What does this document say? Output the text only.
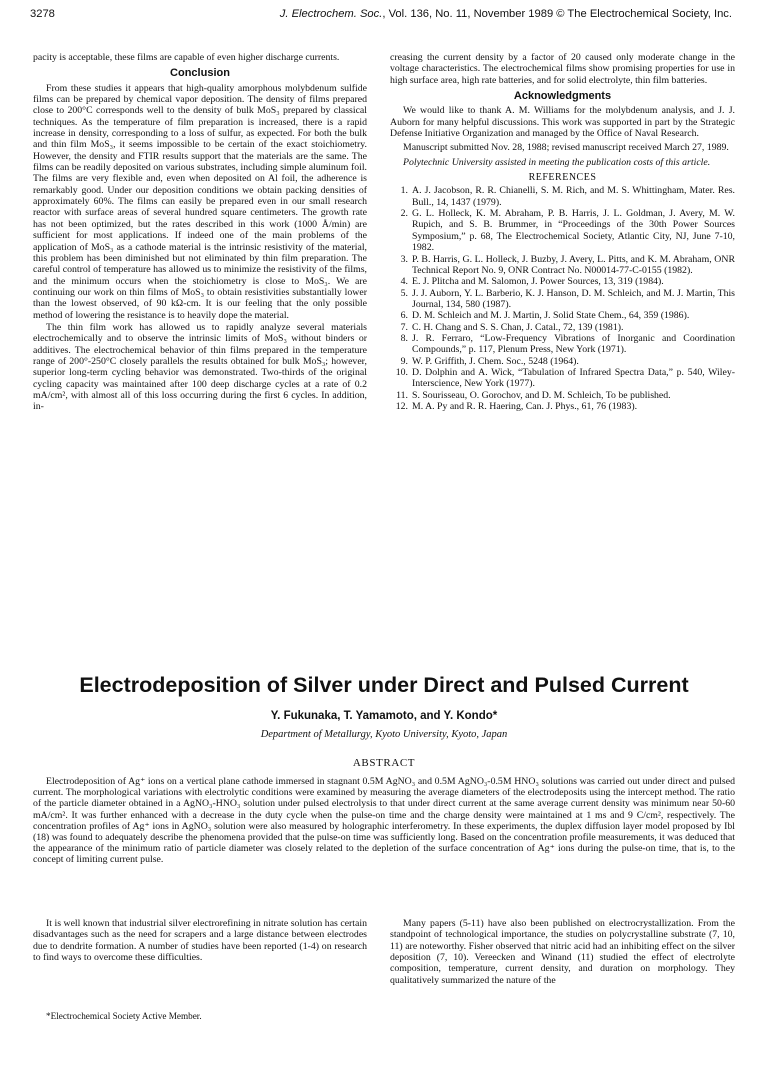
3278	J. Electrochem. Soc., Vol. 136, No. 11, November 1989 © The Electrochemical Society, Inc.

pacity is acceptable, these films are capable of even higher discharge currents.

Conclusion

From these studies it appears that high-quality amorphous molybdenum sulfide films can be prepared by chemical vapor deposition. The density of films prepared close to 200°C corresponds well to the density of bulk MoS₃ prepared by classical techniques. As the temperature of film preparation is increased, there is a rapid increase in density, corresponding to a loss of sulfur, as expected. For both the bulk and thin film MoS₃, it seems impossible to be certain of the exact stoichiometry. However, the density and FTIR results support that the materials are the same. The films can be readily deposited on various substrates, including simple aluminum foil. The films are very flexible and, even when deposited on Al foil, the adherence is remarkably good. Under our deposition conditions we obtain packing densities of approximately 60%. The films can easily be prepared even in our small research reactor with surface areas of several hundred square centimeters. The growth rate has not been optimized, but the rates described in this work (1000 Å/min) are sufficient for most applications. If indeed one of the main problems of the application of MoS₃ as a cathode material is the intrinsic resistivity of the material, this problem has been diminished but not eliminated by thin film preparation. The careful control of temperature has allowed us to minimize the resistivity of the films, and the minimum occurs when the stoichiometry is close to MoS₃. We are continuing our work on thin films of MoS₃ to obtain resistivities substantially lower than the lowest observed, of 90 kΩ-cm. It is our feeling that the only possible method of lowering the resistance is to heavily dope the material.

The thin film work has allowed us to rapidly analyze several materials electrochemically and to observe the intrinsic limits of MoS₃ without binders or additives. The electrochemical behavior of thin films prepared in the temperature range of 200°-250°C closely parallels the results obtained for bulk MoS₃; however, superior long-term cycling behavior was demonstrated. Two-thirds of the original cycling capacity was maintained after 100 deep discharge cycles at a rate of 0.2 mA/cm², with almost all of this loss occurring during the first 6 cycles. In addition, in-

creasing the current density by a factor of 20 caused only moderate change in the voltage characteristics. The electrochemical films show promising properties for use in high surface area, high rate batteries, and for solid electrolyte, thin film batteries.

Acknowledgments

We would like to thank A. M. Williams for the molybdenum analysis, and J. J. Auborn for many helpful discussions. This work was supported in part by the Strategic Defense Initiative Organization and managed by the Office of Naval Research.

Manuscript submitted Nov. 28, 1988; revised manuscript received March 27, 1989.

Polytechnic University assisted in meeting the publication costs of this article.

REFERENCES
1. A. J. Jacobson, R. R. Chianelli, S. M. Rich, and M. S. Whittingham, Mater. Res. Bull., 14, 1437 (1979).
2. G. L. Holleck, K. M. Abraham, P. B. Harris, J. L. Goldman, J. Avery, M. W. Rupich, and S. B. Brummer, in “Proceedings of the 30th Power Sources Symposium,” p. 68, The Electrochemical Society, Atlantic City, NJ, June 7-10, 1982.
3. P. B. Harris, G. L. Holleck, J. Buzby, J. Avery, L. Pitts, and K. M. Abraham, ONR Technical Report No. 9, ONR Contract No. N00014-77-C-0155 (1982).
4. E. J. Plitcha and M. Salomon, J. Power Sources, 13, 319 (1984).
5. J. J. Auborn, Y. L. Barberio, K. J. Hanson, D. M. Schleich, and M. J. Martin, This Journal, 134, 580 (1987).
6. D. M. Schleich and M. J. Martin, J. Solid State Chem., 64, 359 (1986).
7. C. H. Chang and S. S. Chan, J. Catal., 72, 139 (1981).
8. J. R. Ferraro, “Low-Frequency Vibrations of Inorganic and Coordination Compounds,” p. 117, Plenum Press, New York (1971).
9. W. P. Griffith, J. Chem. Soc., 5248 (1964).
10. D. Dolphin and A. Wick, “Tabulation of Infrared Spectra Data,” p. 540, Wiley-Interscience, New York (1977).
11. S. Sourisseau, O. Gorochov, and D. M. Schleich, To be published.
12. M. A. Py and R. R. Haering, Can. J. Phys., 61, 76 (1983).
Electrodeposition of Silver under Direct and Pulsed Current
Y. Fukunaka, T. Yamamoto, and Y. Kondo*
Department of Metallurgy, Kyoto University, Kyoto, Japan
ABSTRACT

Electrodeposition of Ag⁺ ions on a vertical plane cathode immersed in stagnant 0.5M AgNO₃ and 0.5M AgNO₃-0.5M HNO₃ solutions was carried out under direct and pulsed current. The morphological variations with electrolytic conditions were examined by measuring the average diameters of the electrodeposits using the intercept method. The ratio of the particle diameter obtained in a AgNO₃-HNO₃ solution under pulsed electrolysis to that under direct current at the same average current density was minimum near 50-60 mA/cm². It was further enhanced with a decrease in the duty cycle when the pulse-on time and the charge density were maintained at 1 ms and 9 C/cm², respectively. The concentration profiles of Ag⁺ ions in AgNO₃ solution were also measured by holographic interferometry. In these experiments, the duplex diffusion layer model proposed by Ibl (18) was found to adequately describe the phenomena provided that the pulse-on time was sufficiently long. Based on the concentration profile measurements, it was deduced that the appearance of the minimum ratio of particle diameter was closely related to the depletion of the surface concentration of Ag⁺ ions during the pulse-on time, that is, to the concept of limiting current pulse.

It is well known that industrial silver electrorefining in nitrate solution has certain disadvantages such as the need for scrapers and a large distance between electrodes due to dendrite formation. A number of studies have been reported (1-4) on research to find ways to overcome these difficulties.

*Electrochemical Society Active Member.

Many papers (5-11) have also been published on electrocrystallization. From the standpoint of technological importance, the studies on polycrystalline substrate (7, 10, 11) are noteworthy. Fisher observed that nitric acid had an inhibiting effect on the silver deposition (7, 10). Vereecken and Winand (11) studied the effect of electrolyte composition, temperature, current density, and duration on morphology. They qualitatively summarized the nature of the
